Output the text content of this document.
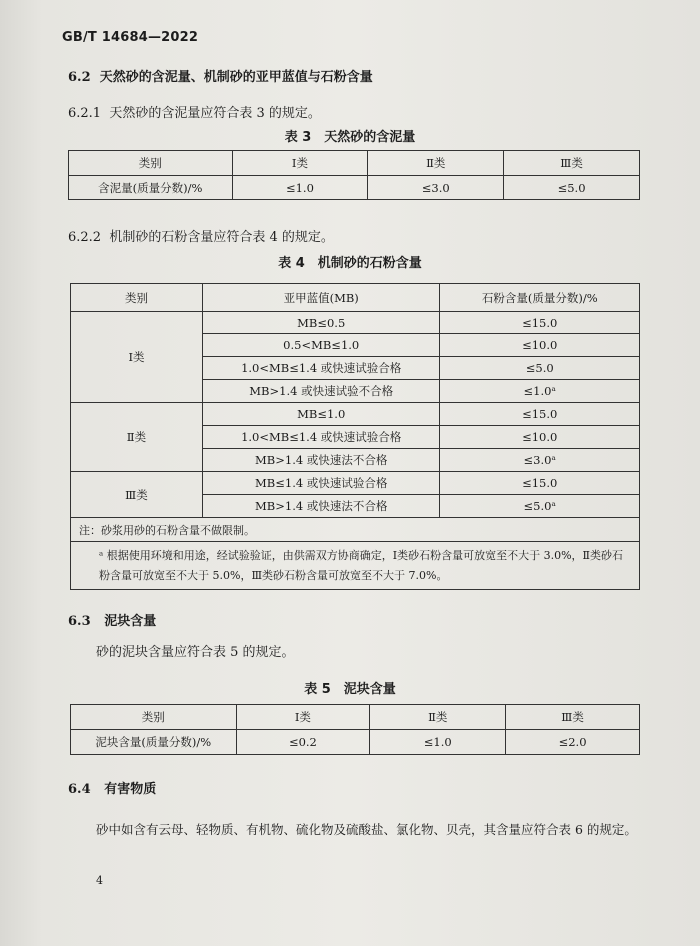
GB/T 14684—2022
6.2 天然砂的含泥量、机制砂的亚甲蓝值与石粉含量
6.2.1 天然砂的含泥量应符合表 3 的规定。
表 3　天然砂的含泥量
类别	Ⅰ类	Ⅱ类	Ⅲ类
含泥量(质量分数)/%	≤1.0	≤3.0	≤5.0
6.2.2 机制砂的石粉含量应符合表 4 的规定。
表 4　机制砂的石粉含量
类别	亚甲蓝值(MB)	石粉含量(质量分数)/%
Ⅰ类	MB≤0.5	≤15.0
	0.5<MB≤1.0	≤10.0
	1.0<MB≤1.4 或快速试验合格	≤5.0
	MB>1.4 或快速试验不合格	≤1.0ᵃ
Ⅱ类	MB≤1.0	≤15.0
	1.0<MB≤1.4 或快速试验合格	≤10.0
	MB>1.4 或快速法不合格	≤3.0ᵃ
Ⅲ类	MB≤1.4 或快速试验合格	≤15.0
	MB>1.4 或快速法不合格	≤5.0ᵃ
注：砂浆用砂的石粉含量不做限制。		
ᵃ 根据使用环境和用途，经试验验证，由供需双方协商确定，Ⅰ类砂石粉含量可放宽至不大于 3.0%，Ⅱ类砂石粉含量可放宽至不大于 5.0%，Ⅲ类砂石粉含量可放宽至不大于 7.0%。		
6.3 泥块含量
砂的泥块含量应符合表 5 的规定。
表 5　泥块含量
类别	Ⅰ类	Ⅱ类	Ⅲ类
泥块含量(质量分数)/%	≤0.2	≤1.0	≤2.0
6.4 有害物质
砂中如含有云母、轻物质、有机物、硫化物及硫酸盐、氯化物、贝壳，其含量应符合表 6 的规定。
4
